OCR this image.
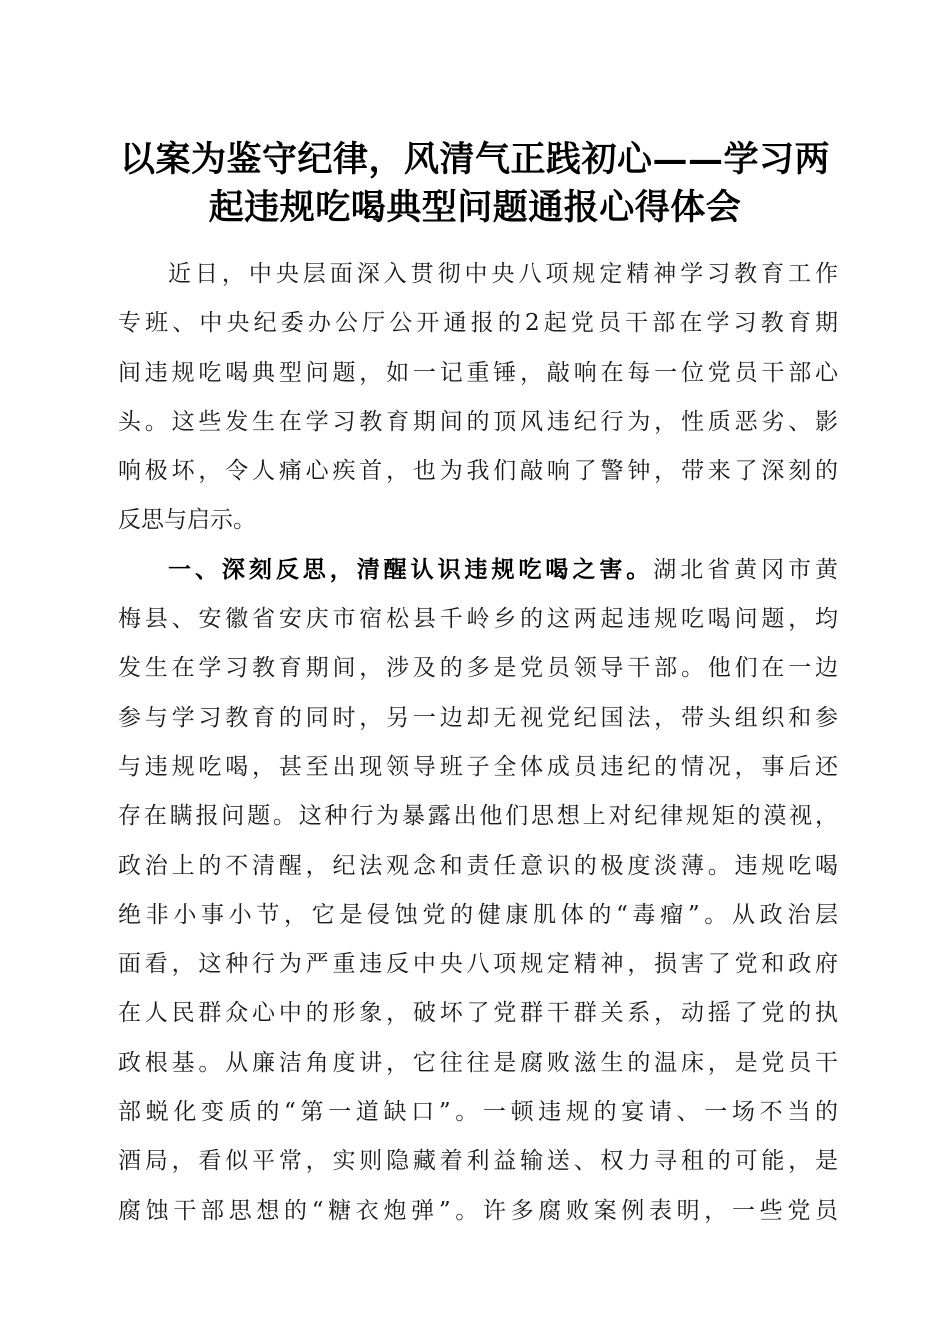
以案为鉴守纪律，风清气正践初心——学习两
起违规吃喝典型问题通报心得体会
近日，中央层面深入贯彻中央八项规定精神学习教育工作
专班、中央纪委办公厅公开通报的2起党员干部在学习教育期
间违规吃喝典型问题，如一记重锤，敲响在每一位党员干部心
头。这些发生在学习教育期间的顶风违纪行为，性质恶劣、影
响极坏，令人痛心疾首，也为我们敲响了警钟，带来了深刻的
反思与启示。
一、深刻反思，清醒认识违规吃喝之害。湖北省黄冈市黄
梅县、安徽省安庆市宿松县千岭乡的这两起违规吃喝问题，均
发生在学习教育期间，涉及的多是党员领导干部。他们在一边
参与学习教育的同时，另一边却无视党纪国法，带头组织和参
与违规吃喝，甚至出现领导班子全体成员违纪的情况，事后还
存在瞒报问题。这种行为暴露出他们思想上对纪律规矩的漠视，
政治上的不清醒，纪法观念和责任意识的极度淡薄。违规吃喝
绝非小事小节，它是侵蚀党的健康肌体的“毒瘤”。从政治层
面看，这种行为严重违反中央八项规定精神，损害了党和政府
在人民群众心中的形象，破坏了党群干群关系，动摇了党的执
政根基。从廉洁角度讲，它往往是腐败滋生的温床，是党员干
部蜕化变质的“第一道缺口”。一顿违规的宴请、一场不当的
酒局，看似平常，实则隐藏着利益输送、权力寻租的可能，是
腐蚀干部思想的“糖衣炮弹”。许多腐败案例表明，一些党员
